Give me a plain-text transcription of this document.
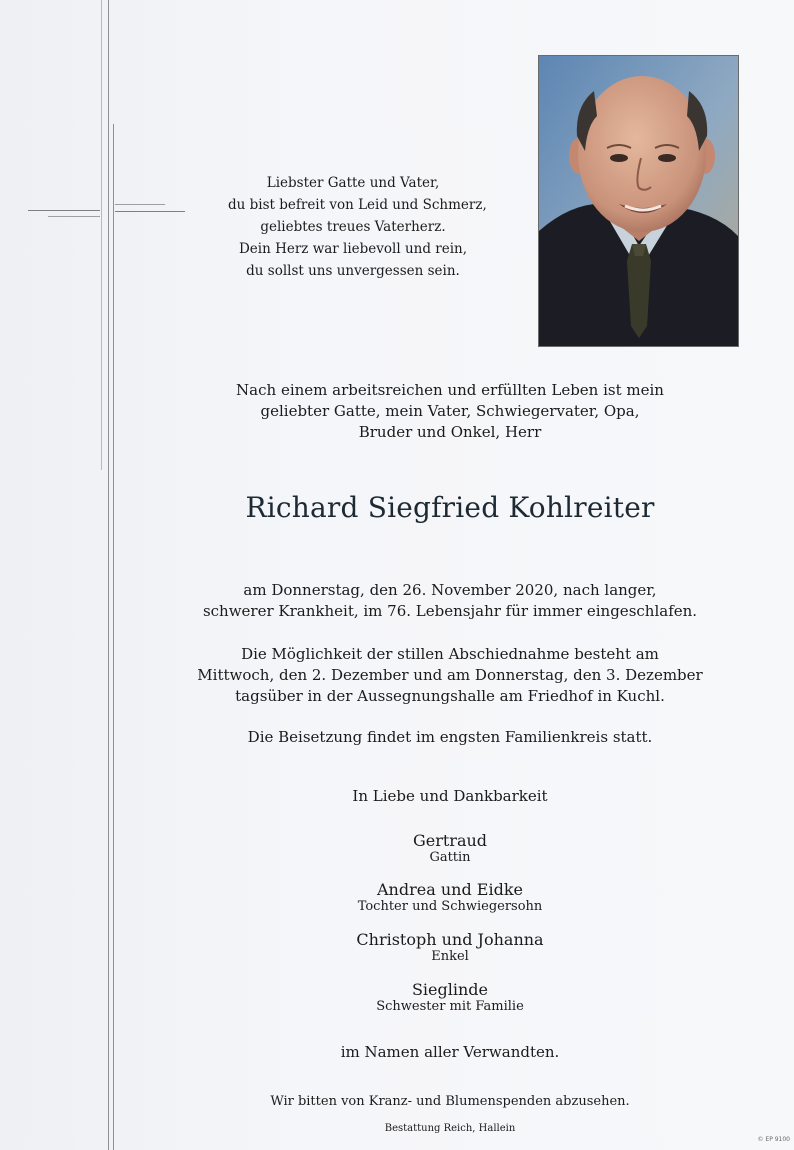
Liebster Gatte und Vater,
du bist befreit von Leid und Schmerz,
geliebtes treues Vaterherz.
Dein Herz war liebevoll und rein,
du sollst uns unvergessen sein.
Nach einem arbeitsreichen und erfüllten Leben ist mein
geliebter Gatte, mein Vater, Schwiegervater, Opa,
Bruder und Onkel, Herr
Richard Siegfried Kohlreiter
am Donnerstag, den 26. November 2020, nach langer,
schwerer Krankheit, im 76. Lebensjahr für immer eingeschlafen.
Die Möglichkeit der stillen Abschiednahme besteht am
Mittwoch, den 2. Dezember und am Donnerstag, den 3. Dezember
tagsüber in der Aussegnungshalle am Friedhof in Kuchl.
Die Beisetzung findet im engsten Familienkreis statt.
In Liebe und Dankbarkeit
Gertraud
Gattin
Andrea und Eidke
Tochter und Schwiegersohn
Christoph und Johanna
Enkel
Sieglinde
Schwester mit Familie
im Namen aller Verwandten.
Wir bitten von Kranz- und Blumenspenden abzusehen.
Bestattung Reich, Hallein
© EP 9100
